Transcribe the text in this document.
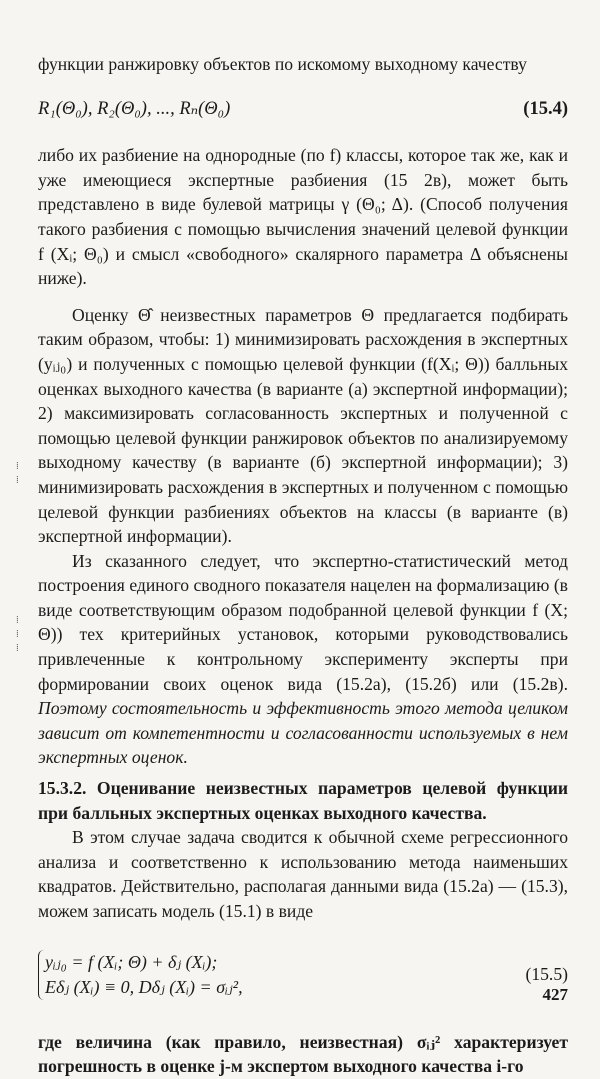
⁞
⁞

⁞
⁞
⁞

функции ранжировку объектов по искомому выходному качеству

R₁(Θ₀), R₂(Θ₀), ..., Rₙ(Θ₀)	(15.4)

либо их разбиение на однородные (по f) классы, которое так же, как и уже имеющиеся экспертные разбиения (15 2в), может быть представлено в виде булевой матрицы γ (Θ₀; Δ). (Способ получения такого разбиения с помощью вычисления значений целевой функции f (Xᵢ; Θ₀) и смысл «свободного» скалярного параметра Δ объяснены ниже).

Оценку Θ̂ неизвестных параметров Θ предлагается подбирать таким образом, чтобы: 1) минимизировать расхождения в экспертных (yᵢⱼ₀) и полученных с помощью целевой функции (f(Xᵢ; Θ)) балльных оценках выходного качества (в варианте (а) экспертной информации); 2) максимизировать согласованность экспертных и полученной с помощью целевой функции ранжировок объектов по анализируемому выходному качеству (в варианте (б) экспертной информации); 3) минимизировать расхождения в экспертных и полученном с помощью целевой функции разбиениях объектов на классы (в варианте (в) экспертной информации).

Из сказанного следует, что экспертно-статистический метод построения единого сводного показателя нацелен на формализацию (в виде соответствующим образом подобранной целевой функции f (X; Θ)) тех критерийных установок, которыми руководствовались привлеченные к контрольному эксперименту эксперты при формировании своих оценок вида (15.2а), (15.2б) или (15.2в). Поэтому состоятельность и эффективность этого метода целиком зависит от компетентности и согласованности используемых в нем экспертных оценок.

15.3.2. Оценивание неизвестных параметров целевой функции при балльных экспертных оценках выходного качества.

В этом случае задача сводится к обычной схеме регрессионного анализа и соответственно к использованию метода наименьших квадратов. Действительно, располагая данными вида (15.2а) — (15.3), можем записать модель (15.1) в виде

yᵢⱼ₀ = f (Xᵢ; Θ) + δⱼ (Xᵢ);
Eδⱼ (Xᵢ) ≡ 0, Dδⱼ (Xᵢ) = σᵢⱼ²,
(15.5)

где величина (как правило, неизвестная) σᵢⱼ² характеризует погрешность в оценке j-м экспертом выходного качества i-го

427
